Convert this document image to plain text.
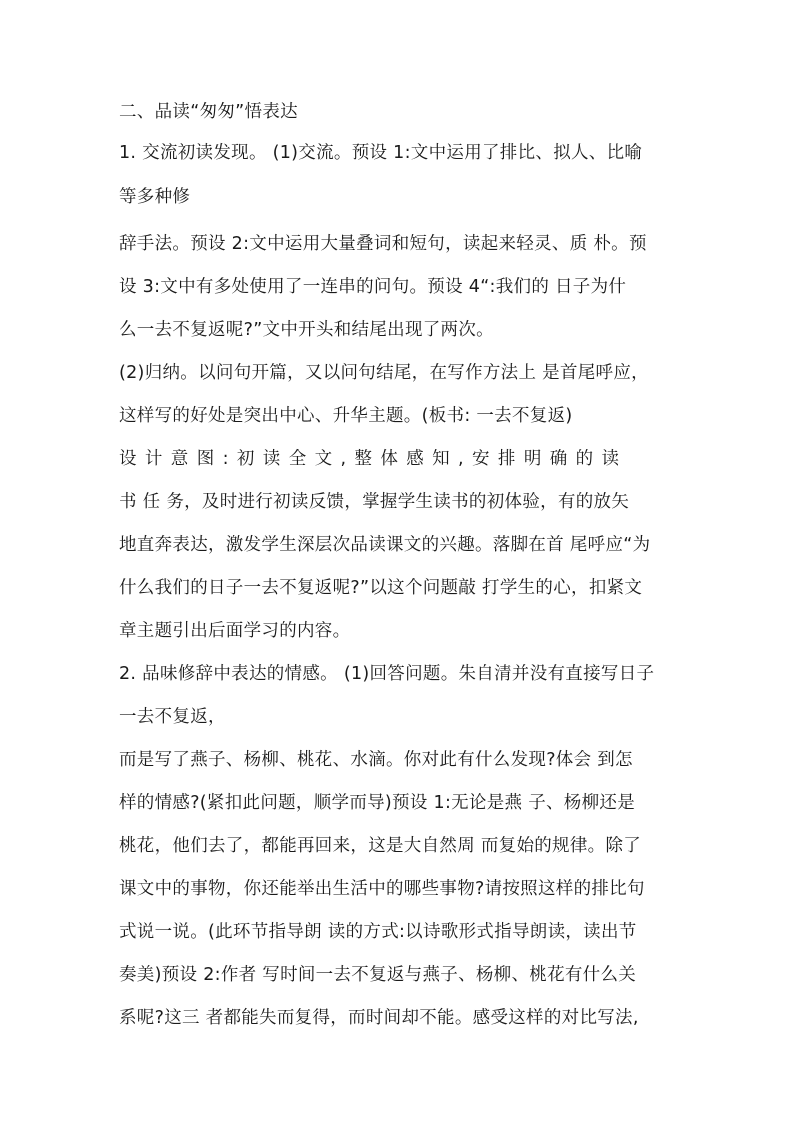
二、品读“匆匆”悟表达
1. 交流初读发现。 (1)交流。预设 1:文中运用了排比、拟人、比喻
等多种修
辞手法。预设 2:文中运用大量叠词和短句，读起来轻灵、质 朴。预
设 3:文中有多处使用了一连串的问句。预设 4“:我们的 日子为什
么一去不复返呢?”文中开头和结尾出现了两次。
(2)归纳。以问句开篇，又以问句结尾，在写作方法上 是首尾呼应，
这样写的好处是突出中心、升华主题。(板书: 一去不复返)
设计意图:初读全文,整体感知,安排明确的读
书 任 务，及时进行初读反馈，掌握学生读书的初体验，有的放矢
地直奔表达，激发学生深层次品读课文的兴趣。落脚在首 尾呼应“为
什么我们的日子一去不复返呢?”以这个问题敲 打学生的心，扣紧文
章主题引出后面学习的内容。
2. 品味修辞中表达的情感。 (1)回答问题。朱自清并没有直接写日子
一去不复返，
而是写了燕子、杨柳、桃花、水滴。你对此有什么发现?体会 到怎
样的情感?(紧扣此问题，顺学而导)预设 1:无论是燕 子、杨柳还是
桃花，他们去了，都能再回来，这是大自然周 而复始的规律。除了
课文中的事物，你还能举出生活中的哪些事物?请按照这样的排比句
式说一说。(此环节指导朗 读的方式:以诗歌形式指导朗读，读出节
奏美)预设 2:作者 写时间一去不复返与燕子、杨柳、桃花有什么关
系呢?这三 者都能失而复得，而时间却不能。感受这样的对比写法,
